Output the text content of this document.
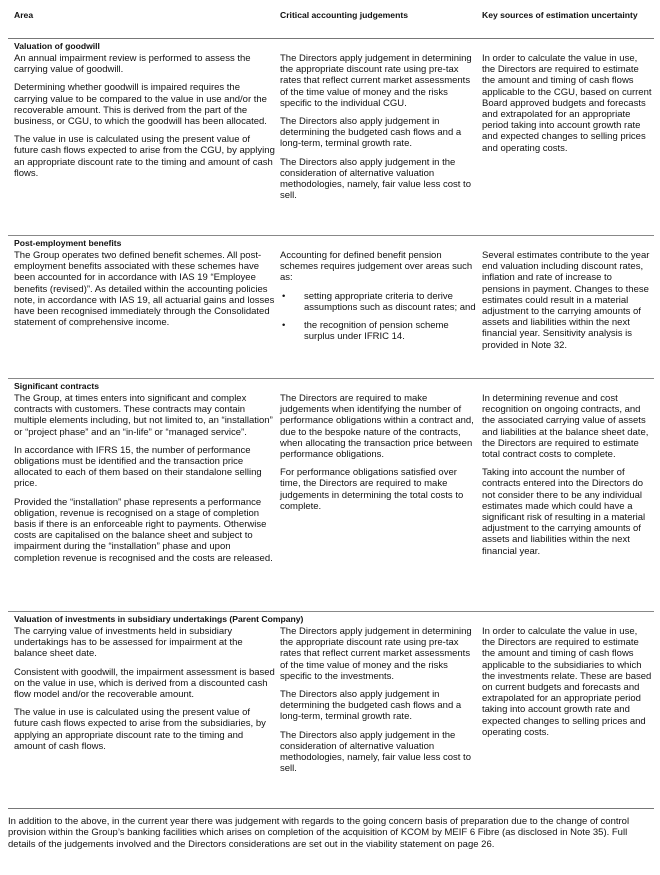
Area	Critical accounting judgements	Key sources of estimation uncertainty
Valuation of goodwill

An annual impairment review is performed to assess the carrying value of goodwill.

Determining whether goodwill is impaired requires the carrying value to be compared to the value in use and/or the recoverable amount. This is derived from the part of the business, or CGU, to which the goodwill has been allocated.

The value in use is calculated using the present value of future cash flows expected to arise from the CGU, by applying an appropriate discount rate to the timing and amount of cash flows.

The Directors apply judgement in determining the appropriate discount rate using pre-tax rates that reflect current market assessments of the time value of money and the risks specific to the individual CGU.

The Directors also apply judgement in determining the budgeted cash flows and a long-term, terminal growth rate.

The Directors also apply judgement in the consideration of alternative valuation methodologies, namely, fair value less cost to sell.

In order to calculate the value in use, the Directors are required to estimate the amount and timing of cash flows applicable to the CGU, based on current Board approved budgets and forecasts and extrapolated for an appropriate period taking into account growth rate and expected changes to selling prices and operating costs.

Post-employment benefits

The Group operates two defined benefit schemes. All post-employment benefits associated with these schemes have been accounted for in accordance with IAS 19 “Employee benefits (revised)”. As detailed within the accounting policies note, in accordance with IAS 19, all actuarial gains and losses have been recognised immediately through the Consolidated statement of comprehensive income.

Accounting for defined benefit pension schemes requires judgement over areas such as:

• setting appropriate criteria to derive assumptions such as discount rates; and
• the recognition of pension scheme surplus under IFRIC 14.

Several estimates contribute to the year end valuation including discount rates, inflation and rate of increase to pensions in payment. Changes to these estimates could result in a material adjustment to the carrying amounts of assets and liabilities within the next financial year. Sensitivity analysis is provided in Note 32.

Significant contracts

The Group, at times enters into significant and complex contracts with customers. These contracts may contain multiple elements including, but not limited to, an “installation” or “project phase” and an “in-life” or “managed service”.

In accordance with IFRS 15, the number of performance obligations must be identified and the transaction price allocated to each of them based on their standalone selling price.

Provided the “installation” phase represents a performance obligation, revenue is recognised on a stage of completion basis if there is an enforceable right to payments. Otherwise costs are capitalised on the balance sheet and subject to impairment during the “installation” phase and upon completion revenue is recognised and the costs are released.

The Directors are required to make judgements when identifying the number of performance obligations within a contract and, due to the bespoke nature of the contracts, when allocating the transaction price between performance obligations.

For performance obligations satisfied over time, the Directors are required to make judgements in determining the total costs to complete.

In determining revenue and cost recognition on ongoing contracts, and the associated carrying value of assets and liabilities at the balance sheet date, the Directors are required to estimate total contract costs to complete.

Taking into account the number of contracts entered into the Directors do not consider there to be any individual estimates made which could have a significant risk of resulting in a material adjustment to the carrying amounts of assets and liabilities within the next financial year.

Valuation of investments in subsidiary undertakings (Parent Company)

The carrying value of investments held in subsidiary undertakings has to be assessed for impairment at the balance sheet date.

Consistent with goodwill, the impairment assessment is based on the value in use, which is derived from a discounted cash flow model and/or the recoverable amount.

The value in use is calculated using the present value of future cash flows expected to arise from the subsidiaries, by applying an appropriate discount rate to the timing and amount of cash flows.

The Directors apply judgement in determining the appropriate discount rate using pre-tax rates that reflect current market assessments of the time value of money and the risks specific to the investments.

The Directors also apply judgement in determining the budgeted cash flows and a long-term, terminal growth rate.

The Directors also apply judgement in the consideration of alternative valuation methodologies, namely, fair value less cost to sell.

In order to calculate the value in use, the Directors are required to estimate the amount and timing of cash flows applicable to the subsidiaries to which the investments relate. These are based on current budgets and forecasts and extrapolated for an appropriate period taking into account growth rate and expected changes to selling prices and operating costs.

In addition to the above, in the current year there was judgement with regards to the going concern basis of preparation due to the change of control provision within the Group’s banking facilities which arises on completion of the acquisition of KCOM by MEIF 6 Fibre (as disclosed in Note 35). Full details of the judgements involved and the Directors considerations are set out in the viability statement on page 26.
